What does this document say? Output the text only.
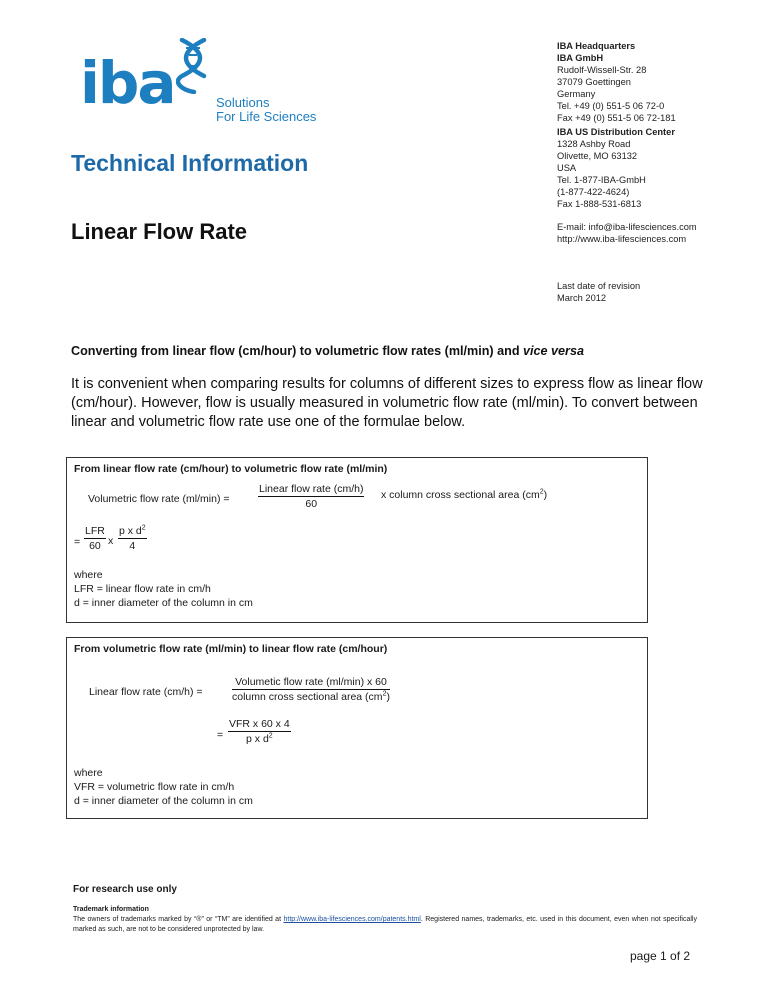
iba	Solutions
For Life Sciences
Technical Information
Linear Flow Rate
IBA Headquarters
IBA GmbH
Rudolf-Wissell-Str. 28
37079 Goettingen
Germany
Tel. +49 (0) 551-5 06 72-0
Fax +49 (0) 551-5 06 72-181
IBA US Distribution Center
1328 Ashby Road
Olivette, MO 63132
USA
Tel. 1-877-IBA-GmbH
(1-877-422-4624)
Fax 1-888-531-6813
E-mail: info@iba-lifesciences.com
http://www.iba-lifesciences.com
Last date of revision
March 2012
Converting from linear flow (cm/hour) to volumetric flow rates (ml/min) and vice versa
It is convenient when comparing results for columns of different sizes to express flow as linear flow (cm/hour). However, flow is usually measured in volumetric flow rate (ml/min). To convert between linear and volumetric flow rate use one of the formulae below.
From linear flow rate (cm/hour) to volumetric flow rate (ml/min)
Volumetric flow rate (ml/min) =
Linear flow rate (cm/h)
60
x column cross sectional area $(cm^2)$
=
LFR
60 x $\frac{p x d^2}{4}$
where
LFR = linear flow rate in cm/h
d = inner diameter of the column in cm
From volumetric flow rate (ml/min) to linear flow rate (cm/hour)
Linear flow rate (cm/h) =
Volumetic flow rate (ml/min) x 60
column cross sectional area $(cm^2)$
=
VFR x 60 x 4
p x $d^2$
where
VFR = volumetric flow rate in cm/h
d = inner diameter of the column in cm
For research use only
Trademark information
The owners of trademarks marked by “®” or “TM” are identified at http://www.iba-lifesciences.com/patents.html. Registered names, trademarks, etc. used in this document, even when not specifically marked as such, are not to be considered unprotected by law.
page 1 of 2
